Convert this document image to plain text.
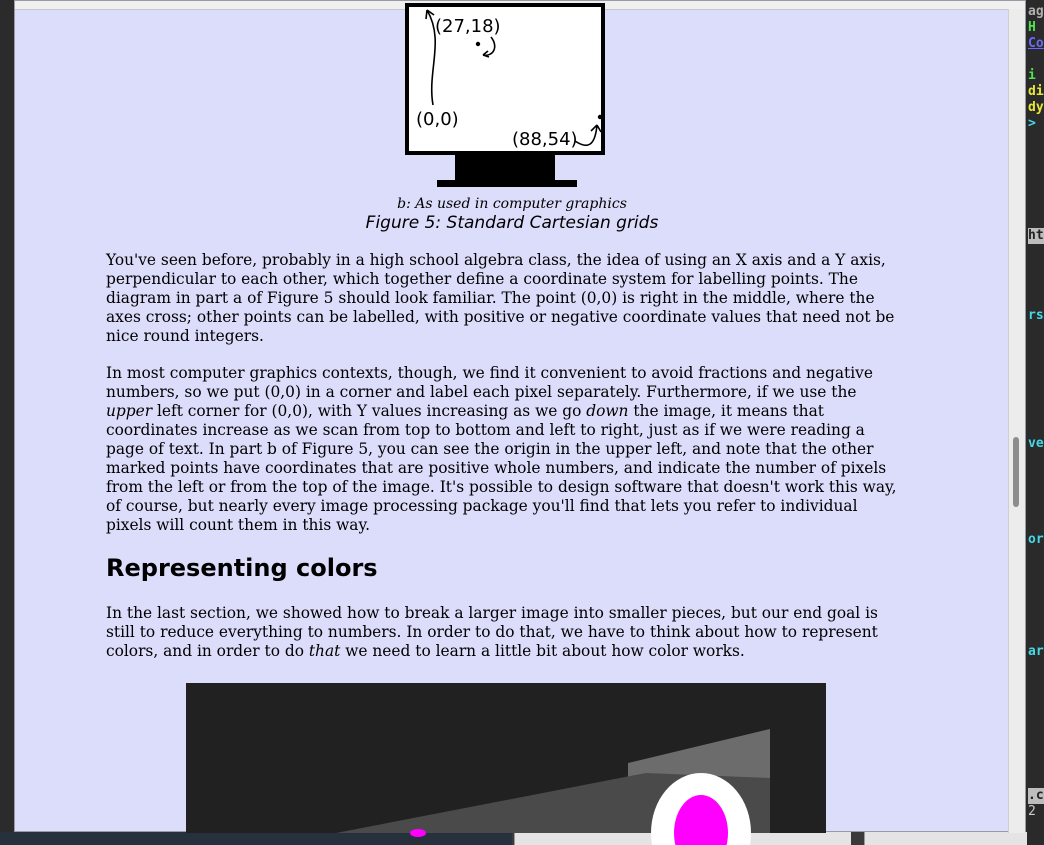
ag
H
Co
i
di
dy
>
ht
rs
ve
or
ar
.c
2
(27,18)
(0,0)
(88,54)
b: As used in computer graphics
Figure 5: Standard Cartesian grids

You've seen before, probably in a high school algebra class, the idea of using an X axis and a Y axis, perpendicular to each other, which together define a coordinate system for labelling points. The diagram in part a of Figure 5 should look familiar. The point (0,0) is right in the middle, where the axes cross; other points can be labelled, with positive or negative coordinate values that need not be nice round integers.

In most computer graphics contexts, though, we find it convenient to avoid fractions and negative numbers, so we put (0,0) in a corner and label each pixel separately. Furthermore, if we use the upper left corner for (0,0), with Y values increasing as we go down the image, it means that coordinates increase as we scan from top to bottom and left to right, just as if we were reading a page of text. In part b of Figure 5, you can see the origin in the upper left, and note that the other marked points have coordinates that are positive whole numbers, and indicate the number of pixels from the left or from the top of the image. It's possible to design software that doesn't work this way, of course, but nearly every image processing package you'll find that lets you refer to individual pixels will count them in this way.

Representing colors

In the last section, we showed how to break a larger image into smaller pieces, but our end goal is still to reduce everything to numbers. In order to do that, we have to think about how to represent colors, and in order to do that we need to learn a little bit about how color works.
